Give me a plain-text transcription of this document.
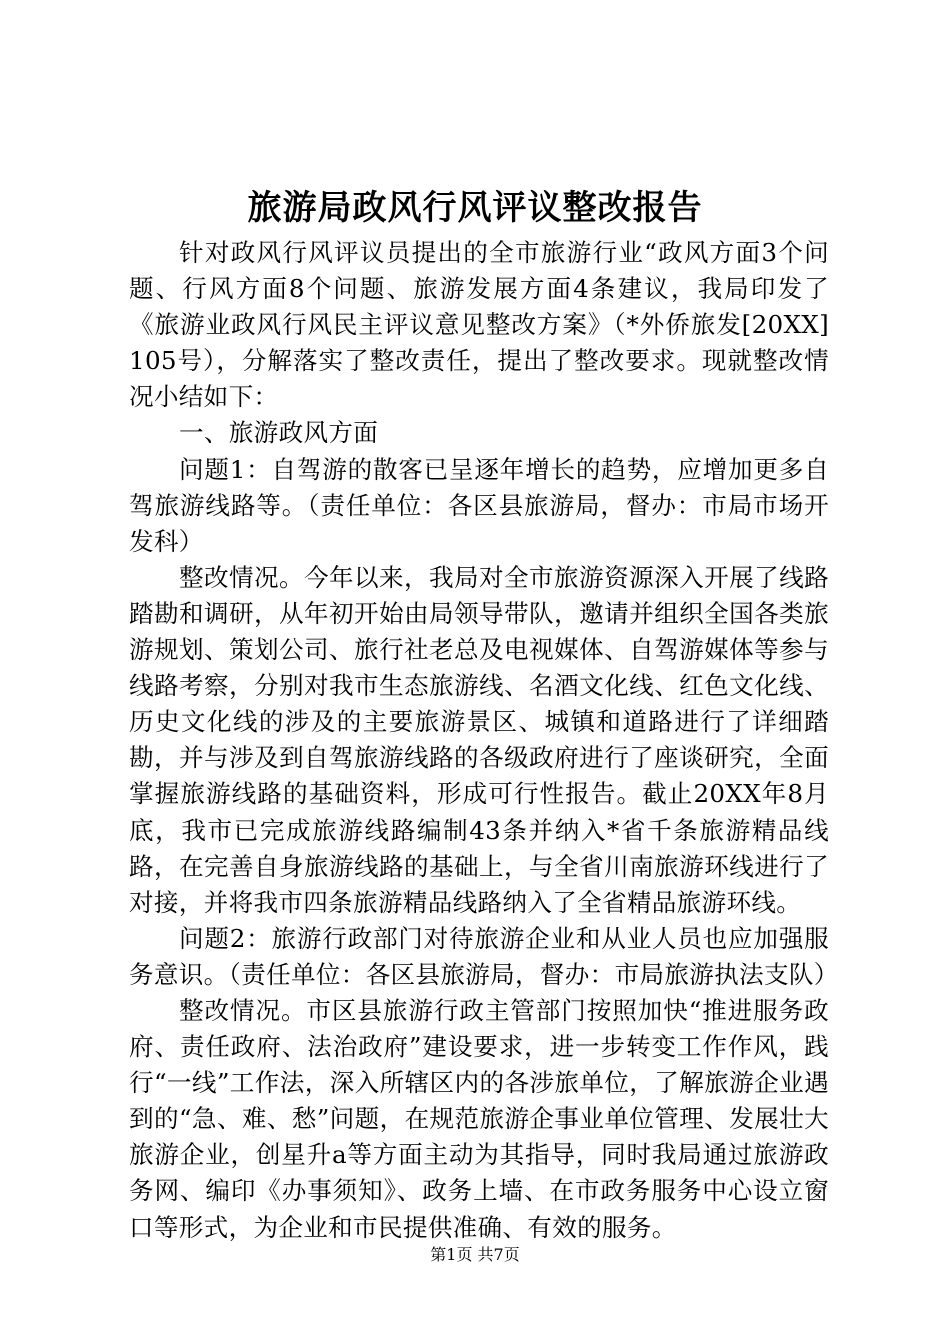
旅游局政风行风评议整改报告

针对政风行风评议员提出的全市旅游行业“政风方面3个问题、行风方面8个问题、旅游发展方面4条建议，我局印发了《旅游业政风行风民主评议意见整改方案》（*外侨旅发[20XX]105号），分解落实了整改责任，提出了整改要求。现就整改情况小结如下：

一、旅游政风方面

问题1：自驾游的散客已呈逐年增长的趋势，应增加更多自驾旅游线路等。（责任单位：各区县旅游局，督办：市局市场开发科）

整改情况。今年以来，我局对全市旅游资源深入开展了线路踏勘和调研，从年初开始由局领导带队，邀请并组织全国各类旅游规划、策划公司、旅行社老总及电视媒体、自驾游媒体等参与线路考察，分别对我市生态旅游线、名酒文化线、红色文化线、历史文化线的涉及的主要旅游景区、城镇和道路进行了详细踏勘，并与涉及到自驾旅游线路的各级政府进行了座谈研究，全面掌握旅游线路的基础资料，形成可行性报告。截止20XX年8月底，我市已完成旅游线路编制43条并纳入*省千条旅游精品线路，在完善自身旅游线路的基础上，与全省川南旅游环线进行了对接，并将我市四条旅游精品线路纳入了全省精品旅游环线。

问题2：旅游行政部门对待旅游企业和从业人员也应加强服务意识。（责任单位：各区县旅游局，督办：市局旅游执法支队）

整改情况。市区县旅游行政主管部门按照加快“推进服务政府、责任政府、法治政府”建设要求，进一步转变工作作风，践行“一线”工作法，深入所辖区内的各涉旅单位，了解旅游企业遇到的“急、难、愁”问题，在规范旅游企事业单位管理、发展壮大旅游企业，创星升a等方面主动为其指导，同时我局通过旅游政务网、编印《办事须知》、政务上墙、在市政务服务中心设立窗口等形式，为企业和市民提供准确、有效的服务。

第1页 共7页
